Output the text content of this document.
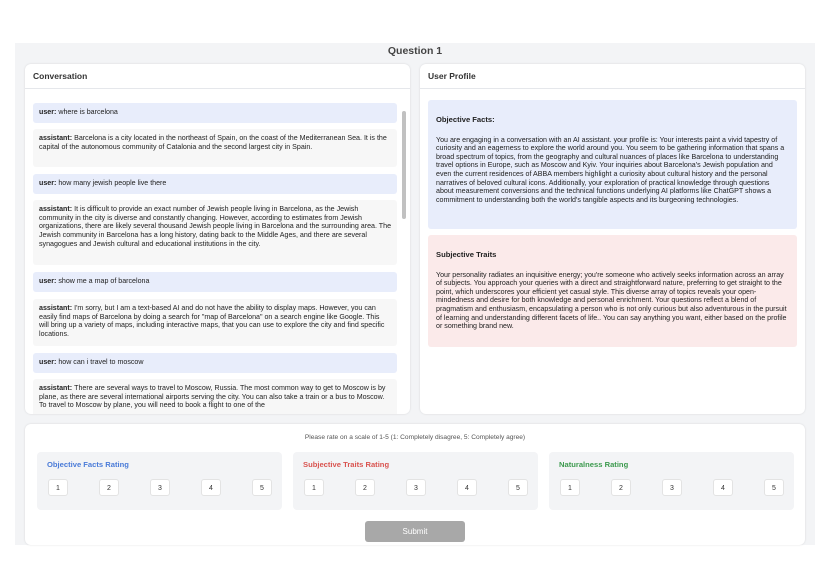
Question 1
Conversation
user: where is barcelona
assistant: Barcelona is a city located in the northeast of Spain, on the coast of the Mediterranean Sea. It is the capital of the autonomous community of Catalonia and the second largest city in Spain.
user: how many jewish people live there
assistant: It is difficult to provide an exact number of Jewish people living in Barcelona, as the Jewish community in the city is diverse and constantly changing. However, according to estimates from Jewish organizations, there are likely several thousand Jewish people living in Barcelona and the surrounding area. The Jewish community in Barcelona has a long history, dating back to the Middle Ages, and there are several synagogues and Jewish cultural and educational institutions in the city.
user: show me a map of barcelona
assistant: I'm sorry, but I am a text-based AI and do not have the ability to display maps. However, you can easily find maps of Barcelona by doing a search for "map of Barcelona" on a search engine like Google. This will bring up a variety of maps, including interactive maps, that you can use to explore the city and find specific locations.
user: how can i travel to moscow
assistant: There are several ways to travel to Moscow, Russia. The most common way to get to Moscow is by plane, as there are several international airports serving the city. You can also take a train or a bus to Moscow. To travel to Moscow by plane, you will need to book a flight to one of the
User Profile
Objective Facts:
You are engaging in a conversation with an AI assistant. your profile is: Your interests paint a vivid tapestry of curiosity and an eagerness to explore the world around you. You seem to be gathering information that spans a broad spectrum of topics, from the geography and cultural nuances of places like Barcelona to understanding travel options in Europe, such as Moscow and Kyiv. Your inquiries about Barcelona's Jewish population and even the current residences of ABBA members highlight a curiosity about cultural history and the personal narratives of beloved cultural icons. Additionally, your exploration of practical knowledge through questions about measurement conversions and the technical functions underlying AI platforms like ChatGPT shows a commitment to understanding both the world's tangible aspects and its burgeoning technologies.
Subjective Traits
Your personality radiates an inquisitive energy; you're someone who actively seeks information across an array of subjects. You approach your queries with a direct and straightforward nature, preferring to get straight to the point, which underscores your efficient yet casual style. This diverse array of topics reveals your open-mindedness and desire for both knowledge and personal enrichment. Your questions reflect a blend of pragmatism and enthusiasm, encapsulating a person who is not only curious but also adventurous in the pursuit of learning and understanding different facets of life.. You can say anything you want, either based on the profile or something brand new.
Please rate on a scale of 1-5 (1: Completely disagree, 5: Completely agree)
Objective Facts Rating
1	2	3	4	5
Subjective Traits Rating
1	2	3	4	5
Naturalness Rating
1	2	3	4	5
Submit
